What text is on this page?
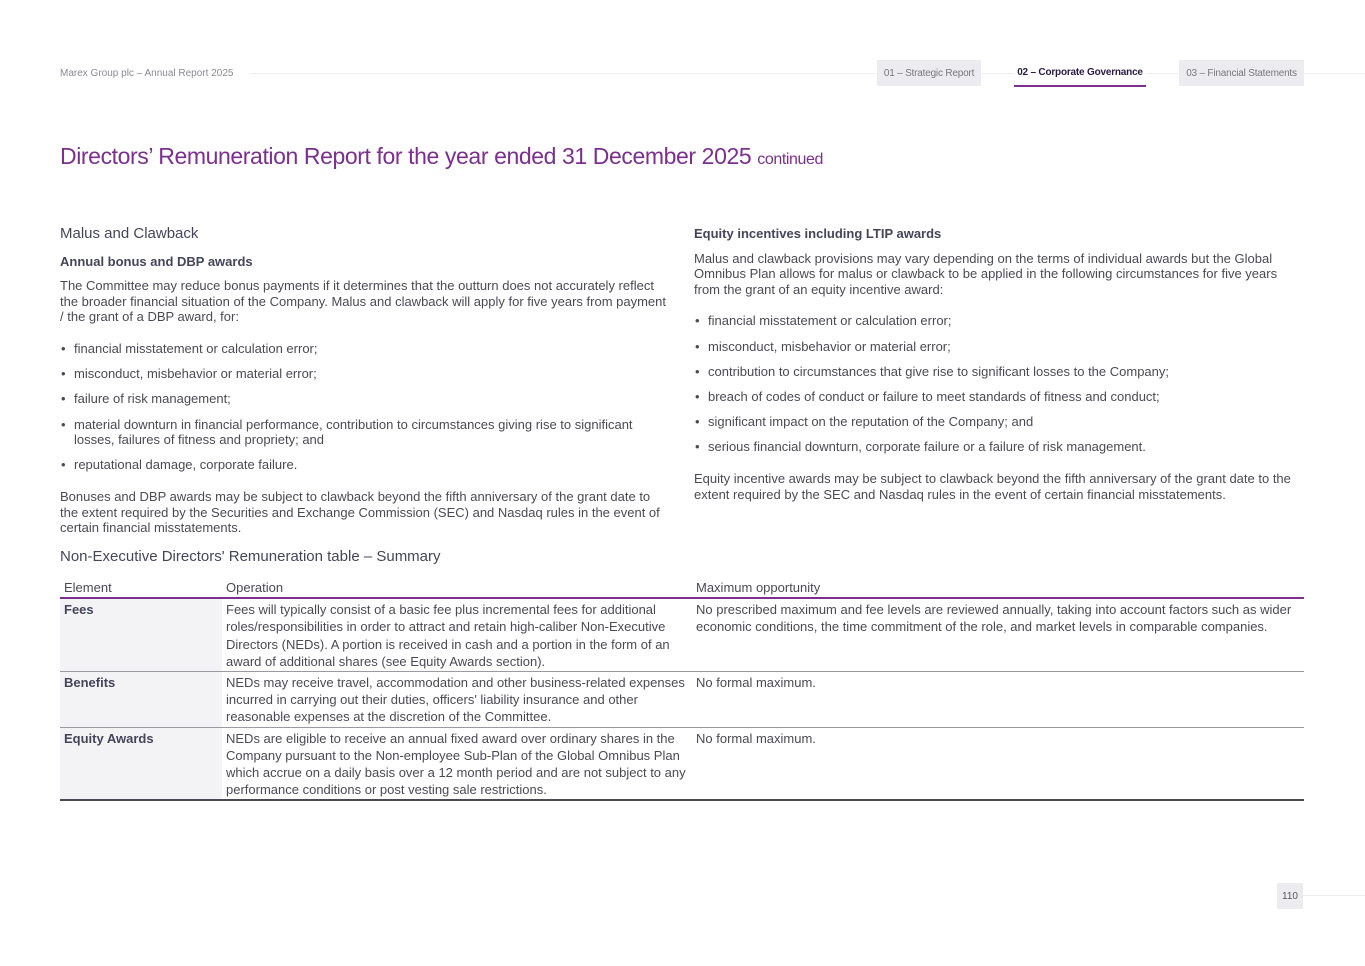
Marex Group plc – Annual Report 2025	01 – Strategic Report	02 – Corporate Governance	03 – Financial Statements
Directors’ Remuneration Report for the year ended 31 December 2025 continued
Malus and Clawback
Annual bonus and DBP awards

The Committee may reduce bonus payments if it determines that the outturn does not accurately reflect the broader financial situation of the Company. Malus and clawback will apply for five years from payment / the grant of a DBP award, for:

• financial misstatement or calculation error;
• misconduct, misbehavior or material error;
• failure of risk management;
• material downturn in financial performance, contribution to circumstances giving rise to significant losses, failures of fitness and propriety; and
• reputational damage, corporate failure.

Bonuses and DBP awards may be subject to clawback beyond the fifth anniversary of the grant date to the extent required by the Securities and Exchange Commission (SEC) and Nasdaq rules in the event of certain financial misstatements.

Equity incentives including LTIP awards

Malus and clawback provisions may vary depending on the terms of individual awards but the Global Omnibus Plan allows for malus or clawback to be applied in the following circumstances for five years from the grant of an equity incentive award:

• financial misstatement or calculation error;
• misconduct, misbehavior or material error;
• contribution to circumstances that give rise to significant losses to the Company;
• breach of codes of conduct or failure to meet standards of fitness and conduct;
• significant impact on the reputation of the Company; and
• serious financial downturn, corporate failure or a failure of risk management.

Equity incentive awards may be subject to clawback beyond the fifth anniversary of the grant date to the extent required by the SEC and Nasdaq rules in the event of certain financial misstatements.

Non-Executive Directors' Remuneration table – Summary
Element	Operation	Maximum opportunity
Fees	Fees will typically consist of a basic fee plus incremental fees for additional roles/responsibilities in order to attract and retain high-caliber Non-Executive Directors (NEDs). A portion is received in cash and a portion in the form of an award of additional shares (see Equity Awards section).	No prescribed maximum and fee levels are reviewed annually, taking into account factors such as wider economic conditions, the time commitment of the role, and market levels in comparable companies.
Benefits	NEDs may receive travel, accommodation and other business-related expenses incurred in carrying out their duties, officers' liability insurance and other reasonable expenses at the discretion of the Committee.	No formal maximum.
Equity Awards	NEDs are eligible to receive an annual fixed award over ordinary shares in the Company pursuant to the Non-employee Sub-Plan of the Global Omnibus Plan which accrue on a daily basis over a 12 month period and are not subject to any performance conditions or post vesting sale restrictions.	No formal maximum.
110
